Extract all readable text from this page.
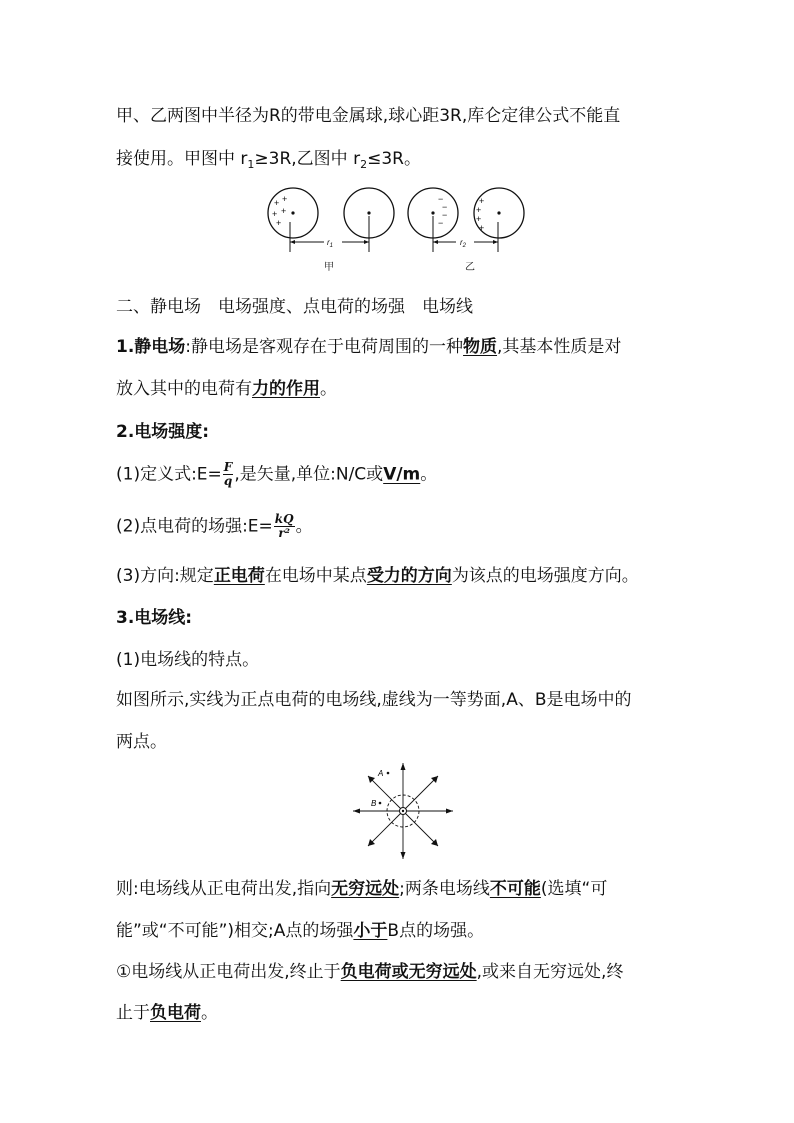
甲、乙两图中半径为R的带电金属球,球心距3R,库仑定律公式不能直
接使用。甲图中 $r_1\ge 3R$,乙图中 $r_2\le 3R$。
+ +
+ +
+
−
−
−
−
+
+
+
+
$r_1$	$r_2$
甲	乙
二、静电场　电场强度、点电荷的场强　电场线
1.静电场:静电场是客观存在于电荷周围的一种物质,其基本性质是对
放入其中的电荷有力的作用。
2.电场强度:
(1)定义式:E= $\frac{F}{q}$ ,是矢量,单位:N/C或V/m。
(2)点电荷的场强:E= $\frac{kQ}{\text{r²}}$ 。
(3)方向:规定正电荷在电场中某点受力的方向为该点的电场强度方向。
3.电场线:
(1)电场线的特点。
如图所示,实线为正点电荷的电场线,虚线为一等势面,A、B是电场中的
两点。
A
B
则:电场线从正电荷出发,指向无穷远处;两条电场线不可能(选填“可
能”或“不可能”)相交;A点的场强小于B点的场强。
①电场线从正电荷出发,终止于负电荷或无穷远处,或来自无穷远处,终
止于负电荷。
